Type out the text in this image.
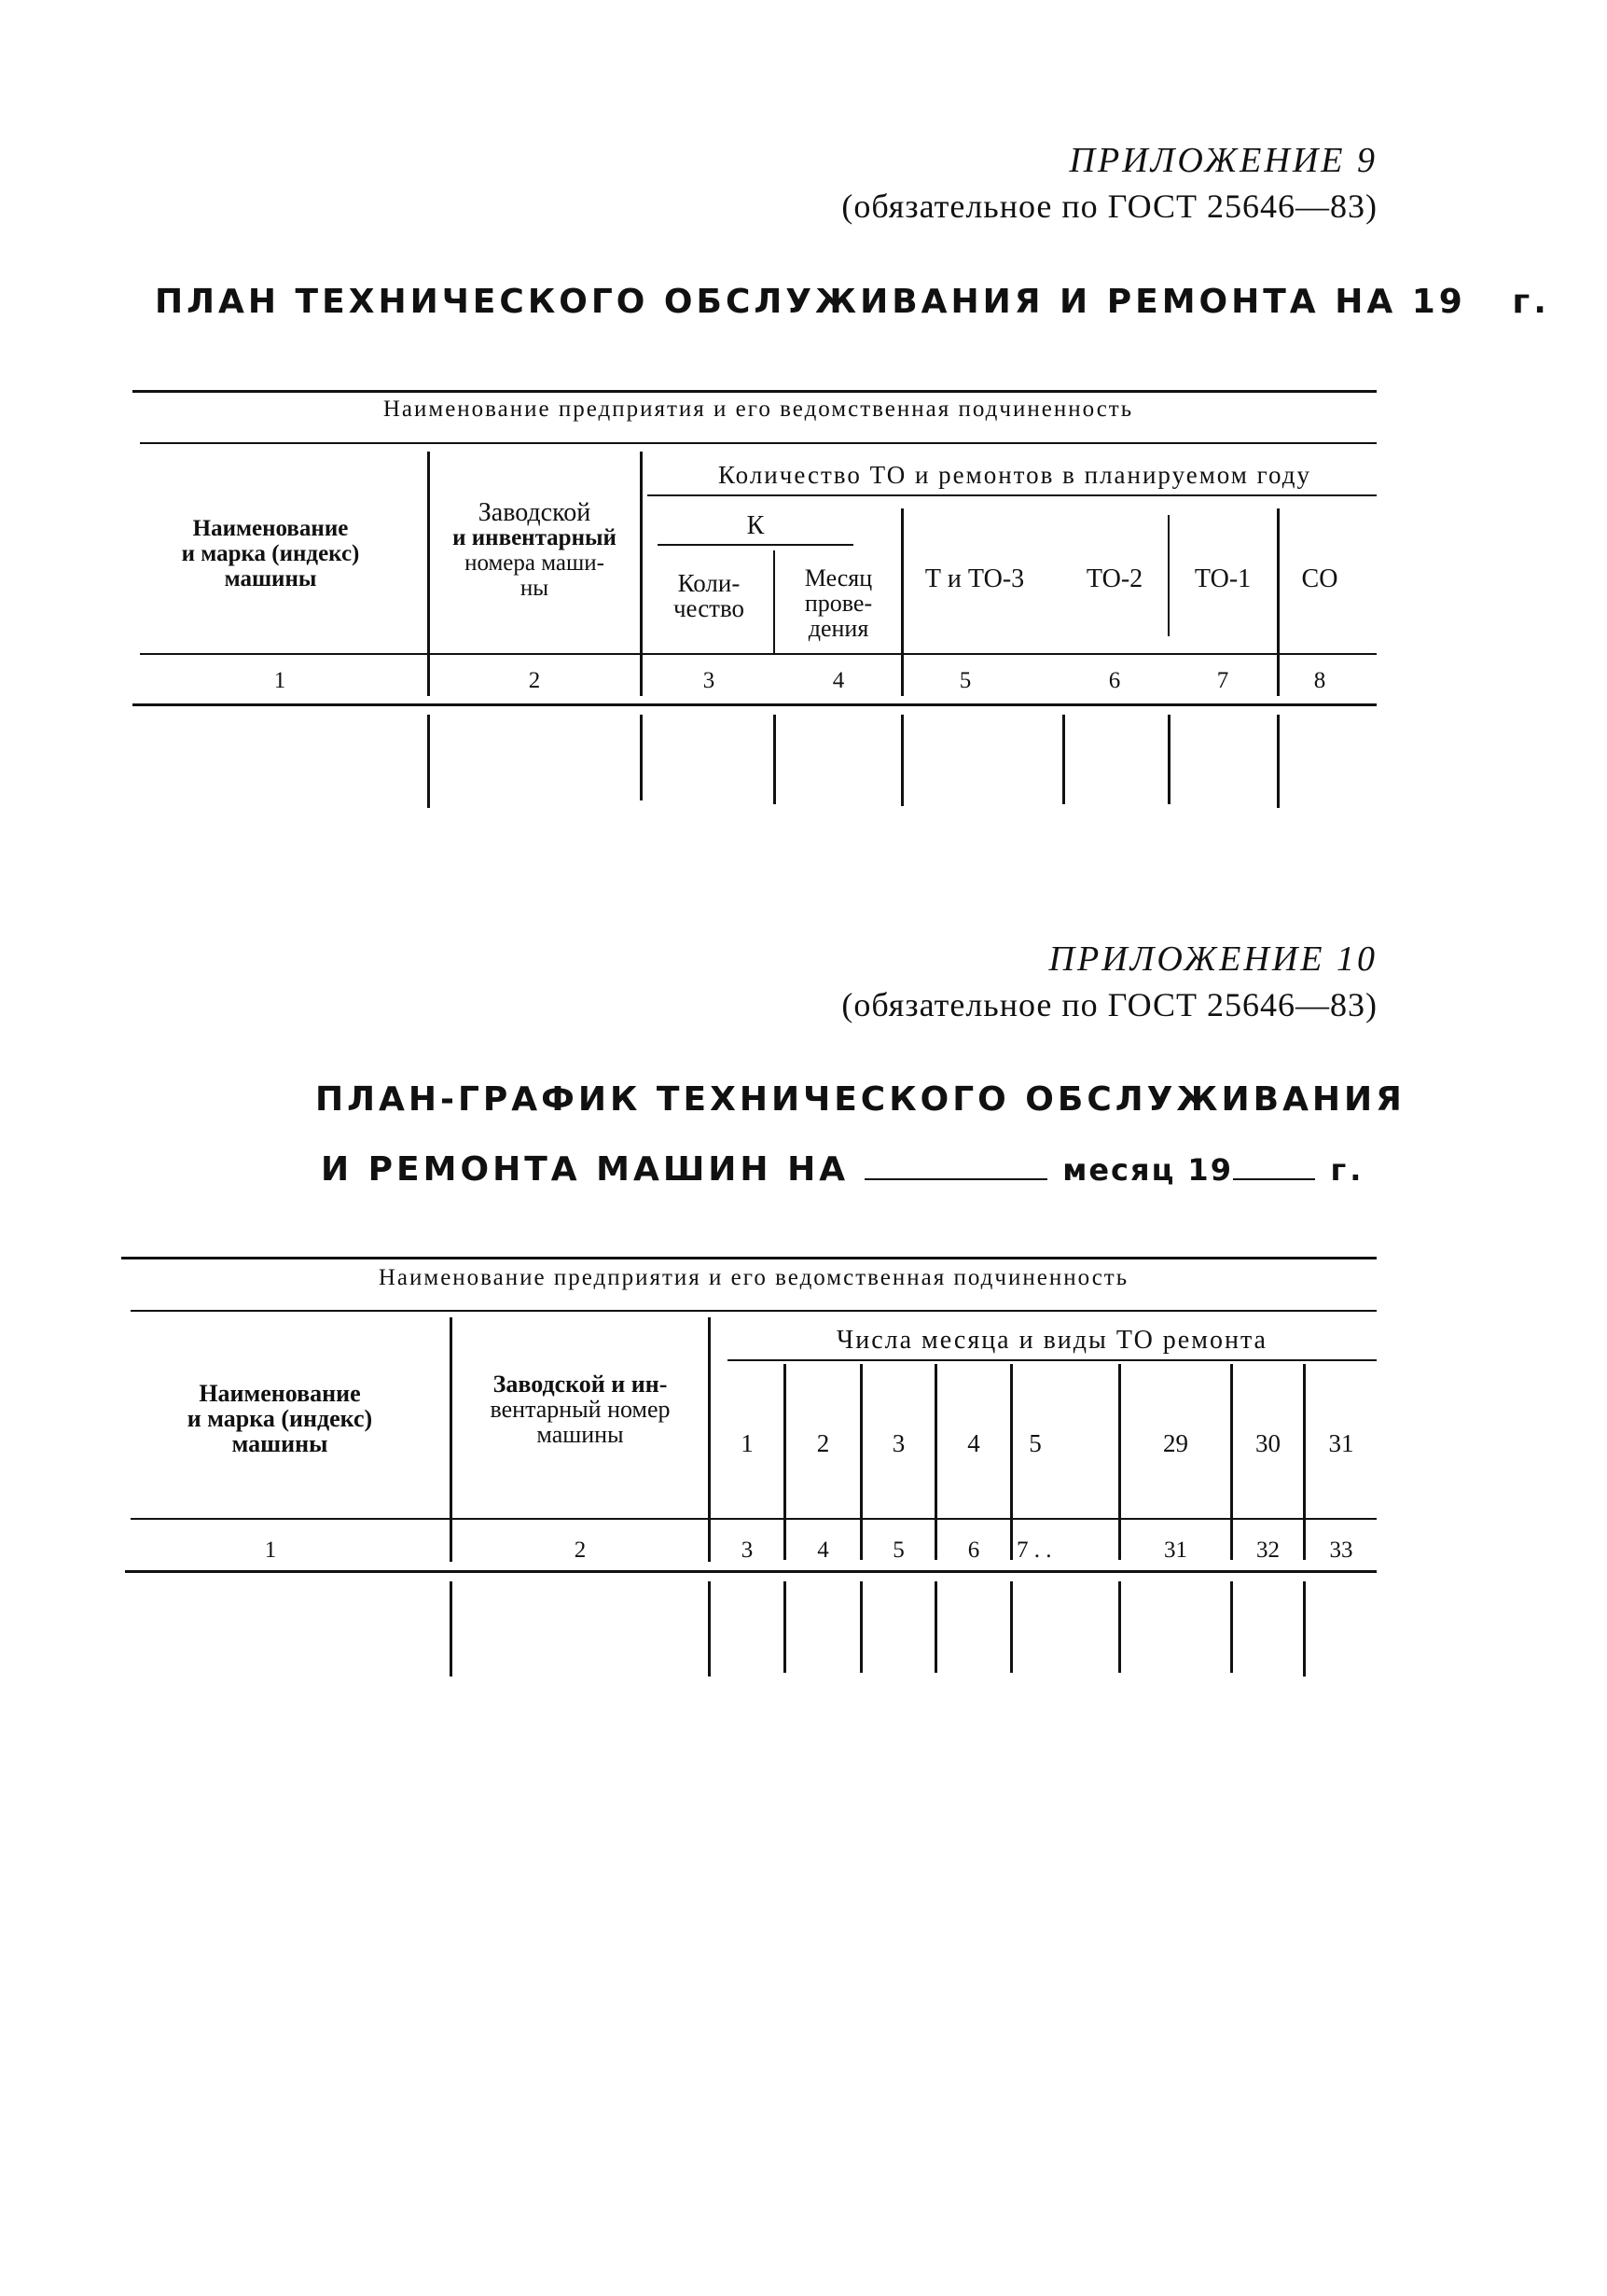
ПРИЛОЖЕНИЕ 9
(обязательное по ГОСТ 25646—83)
ПЛАН ТЕХНИЧЕСКОГО ОБСЛУЖИВАНИЯ И РЕМОНТА НА 19   г.
Наименование предприятия и его ведомственная подчиненность
Наименование
и марка (индекс)
машины
Заводской
и инвентарный
номера маши-
ны
Количество ТО и ремонтов в планируемом году
К
Коли-
чество
Месяц
прове-
дения
Т и ТО-3	ТО-2	ТО-1	СО
1	2	3	4	5	6	7	8
ПРИЛОЖЕНИЕ 10
(обязательное по ГОСТ 25646—83)
ПЛАН-ГРАФИК ТЕХНИЧЕСКОГО ОБСЛУЖИВАНИЯ
И РЕМОНТА МАШИН НА	месяц 19	г.
Наименование предприятия и его ведомственная подчиненность
Наименование
и марка (индекс)
машины
Заводской и ин-
вентарный номер
машины
Числа месяца и виды ТО ремонта
1	2	3	4	5	29	30	31
1	2	3	4	5	6	7 . .	31	32	33
